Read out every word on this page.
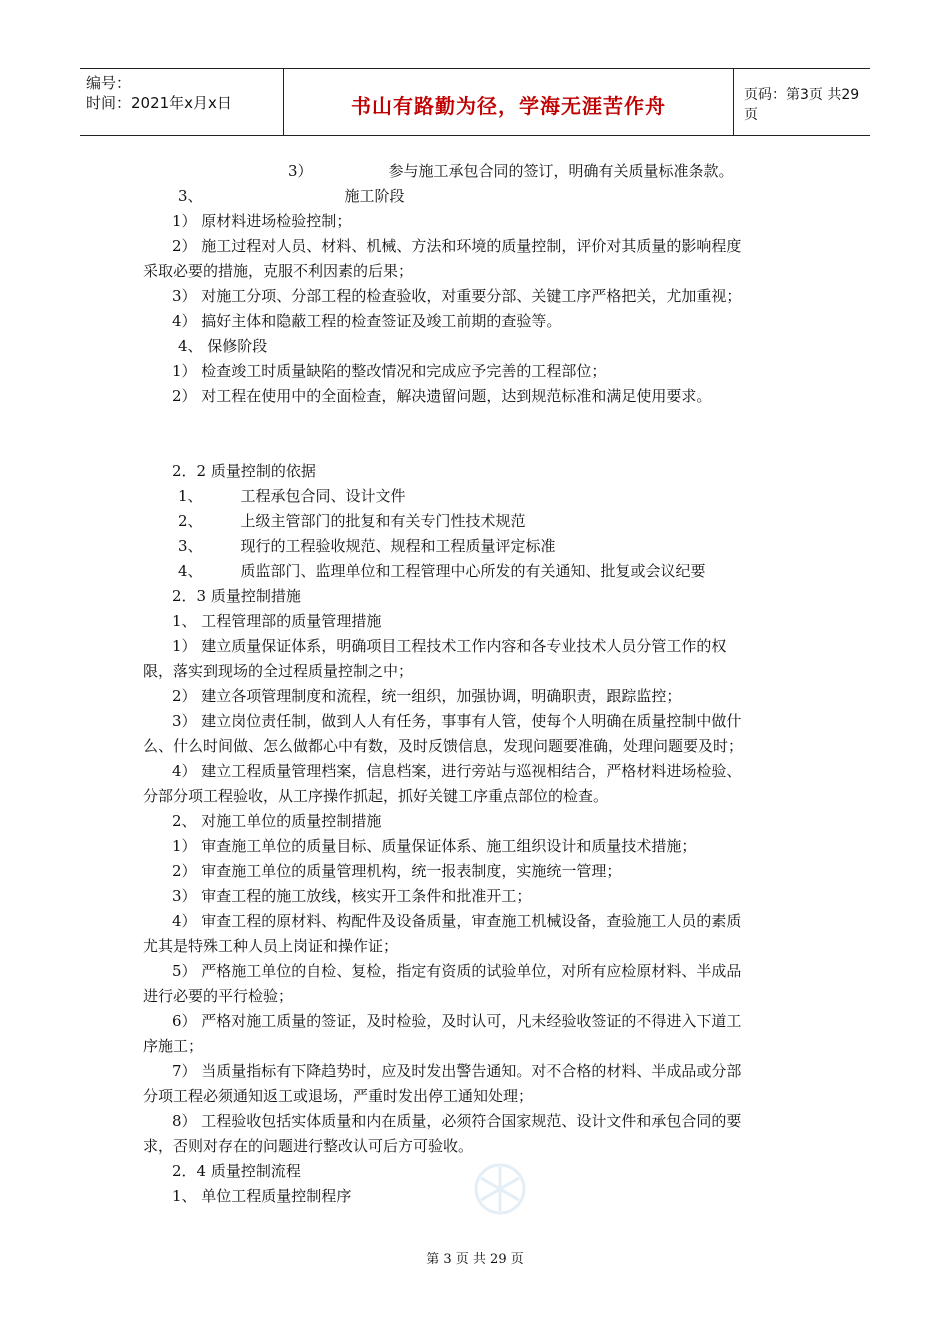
编号：
时间：2021年x月x日	书山有路勤为径，学海无涯苦作舟	页码：第3页 共29页
3）	参与施工承包合同的签订，明确有关质量标准条款。
3、	施工阶段
1） 原材料进场检验控制；
2） 施工过程对人员、材料、机械、方法和环境的质量控制，评价对其质量的影响程度
采取必要的措施，克服不利因素的后果；
3） 对施工分项、分部工程的检查验收，对重要分部、关键工序严格把关，尤加重视；
4） 搞好主体和隐蔽工程的检查签证及竣工前期的查验等。
4、 保修阶段
1） 检查竣工时质量缺陷的整改情况和完成应予完善的工程部位；
2） 对工程在使用中的全面检查，解决遗留问题，达到规范标准和满足使用要求。
2．2 质量控制的依据
1、	工程承包合同、设计文件
2、	上级主管部门的批复和有关专门性技术规范
3、	现行的工程验收规范、规程和工程质量评定标准
4、	质监部门、监理单位和工程管理中心所发的有关通知、批复或会议纪要
2．3 质量控制措施
1、 工程管理部的质量管理措施
1） 建立质量保证体系，明确项目工程技术工作内容和各专业技术人员分管工作的权
限，落实到现场的全过程质量控制之中；
2） 建立各项管理制度和流程，统一组织，加强协调，明确职责，跟踪监控；
3） 建立岗位责任制，做到人人有任务，事事有人管，使每个人明确在质量控制中做什
么、什么时间做、怎么做都心中有数，及时反馈信息，发现问题要准确，处理问题要及时；
4） 建立工程质量管理档案，信息档案，进行旁站与巡视相结合，严格材料进场检验、
分部分项工程验收，从工序操作抓起，抓好关键工序重点部位的检查。
2、 对施工单位的质量控制措施
1） 审查施工单位的质量目标、质量保证体系、施工组织设计和质量技术措施；
2） 审查施工单位的质量管理机构，统一报表制度，实施统一管理；
3） 审查工程的施工放线，核实开工条件和批准开工；
4） 审查工程的原材料、构配件及设备质量，审查施工机械设备，查验施工人员的素质
尤其是特殊工种人员上岗证和操作证；
5） 严格施工单位的自检、复检，指定有资质的试验单位，对所有应检原材料、半成品
进行必要的平行检验；
6） 严格对施工质量的签证，及时检验，及时认可，凡未经验收签证的不得进入下道工
序施工；
7） 当质量指标有下降趋势时，应及时发出警告通知。对不合格的材料、半成品或分部
分项工程必须通知返工或退场，严重时发出停工通知处理；
8） 工程验收包括实体质量和内在质量，必须符合国家规范、设计文件和承包合同的要
求，否则对存在的问题进行整改认可后方可验收。
2．4 质量控制流程
1、 单位工程质量控制程序
第 3 页 共 29 页
